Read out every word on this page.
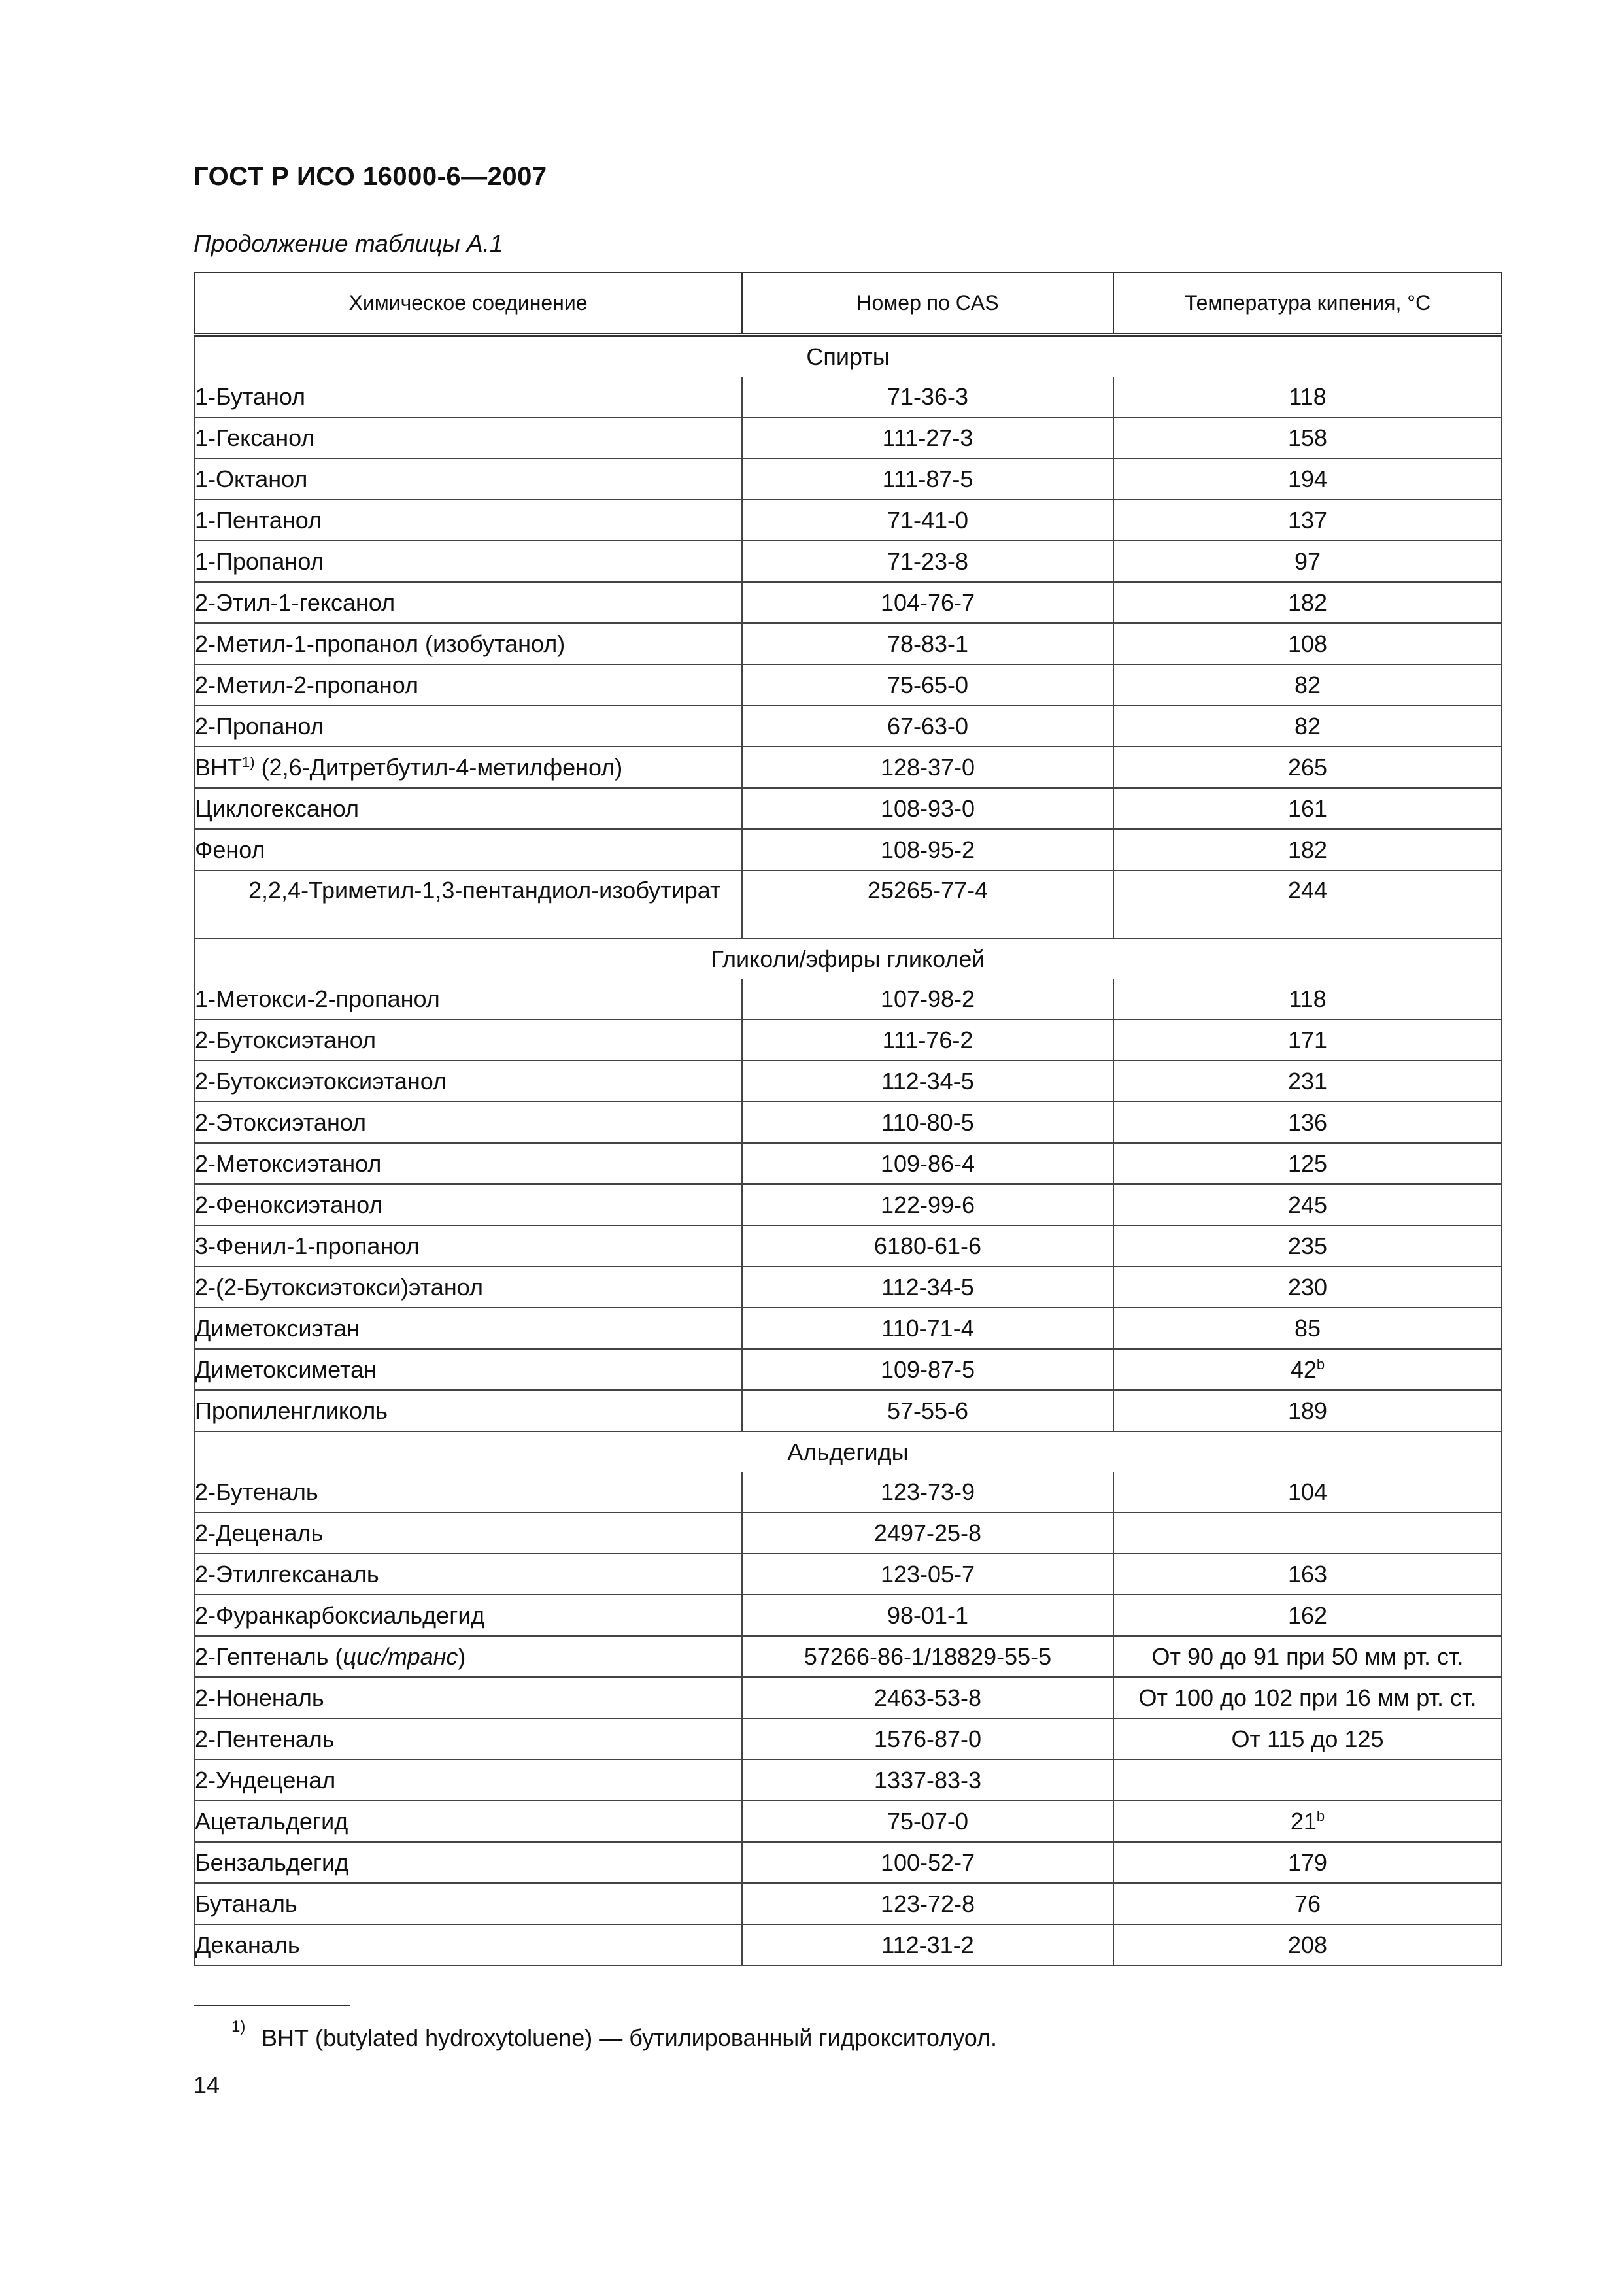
ГОСТ Р ИСО 16000-6—2007
Продолжение таблицы А.1
Химическое соединение	Номер по CAS	Температура кипения, °С
Спирты		
1-Бутанол	71-36-3	118
1-Гексанол	111-27-3	158
1-Октанол	111-87-5	194
1-Пентанол	71-41-0	137
1-Пропанол	71-23-8	97
2-Этил-1-гексанол	104-76-7	182
2-Метил-1-пропанол (изобутанол)	78-83-1	108
2-Метил-2-пропанол	75-65-0	82
2-Пропанол	67-63-0	82
ВНТ$^{1)}$ (2,6-Дитретбутил-4-метилфенол)	128-37-0	265
Циклогексанол	108-93-0	161
Фенол	108-95-2	182
2,2,4-Триметил-1,3-пентандиол-изобутират	25265-77-4	244
Гликоли/эфиры гликолей		
1-Метокси-2-пропанол	107-98-2	118
2-Бутоксиэтанол	111-76-2	171
2-Бутоксиэтоксиэтанол	112-34-5	231
2-Этоксиэтанол	110-80-5	136
2-Метоксиэтанол	109-86-4	125
2-Феноксиэтанол	122-99-6	245
3-Фенил-1-пропанол	6180-61-6	235
2-(2-Бутоксиэтокси)этанол	112-34-5	230
Диметоксиэтан	110-71-4	85
Диметоксиметан	109-87-5	42$^b$
Пропиленгликоль	57-55-6	189
Альдегиды		
2-Бутеналь	123-73-9	104
2-Деценаль	2497-25-8	
2-Этилгексаналь	123-05-7	163
2-Фуранкарбоксиальдегид	98-01-1	162
2-Гептеналь (цис/транс)	57266-86-1/18829-55-5	От 90 до 91 при 50 мм рт. ст.
2-Ноненаль	2463-53-8	От 100 до 102 при 16 мм рт. ст.
2-Пентеналь	1576-87-0	От 115 до 125
2-Ундеценал	1337-83-3	
Ацетальдегид	75-07-0	21$^b$
Бензальдегид	100-52-7	179
Бутаналь	123-72-8	76
Деканаль	112-31-2	208
1) ВНТ (butylated hydroxytoluene) — бутилированный гидрокситолуол.
14
